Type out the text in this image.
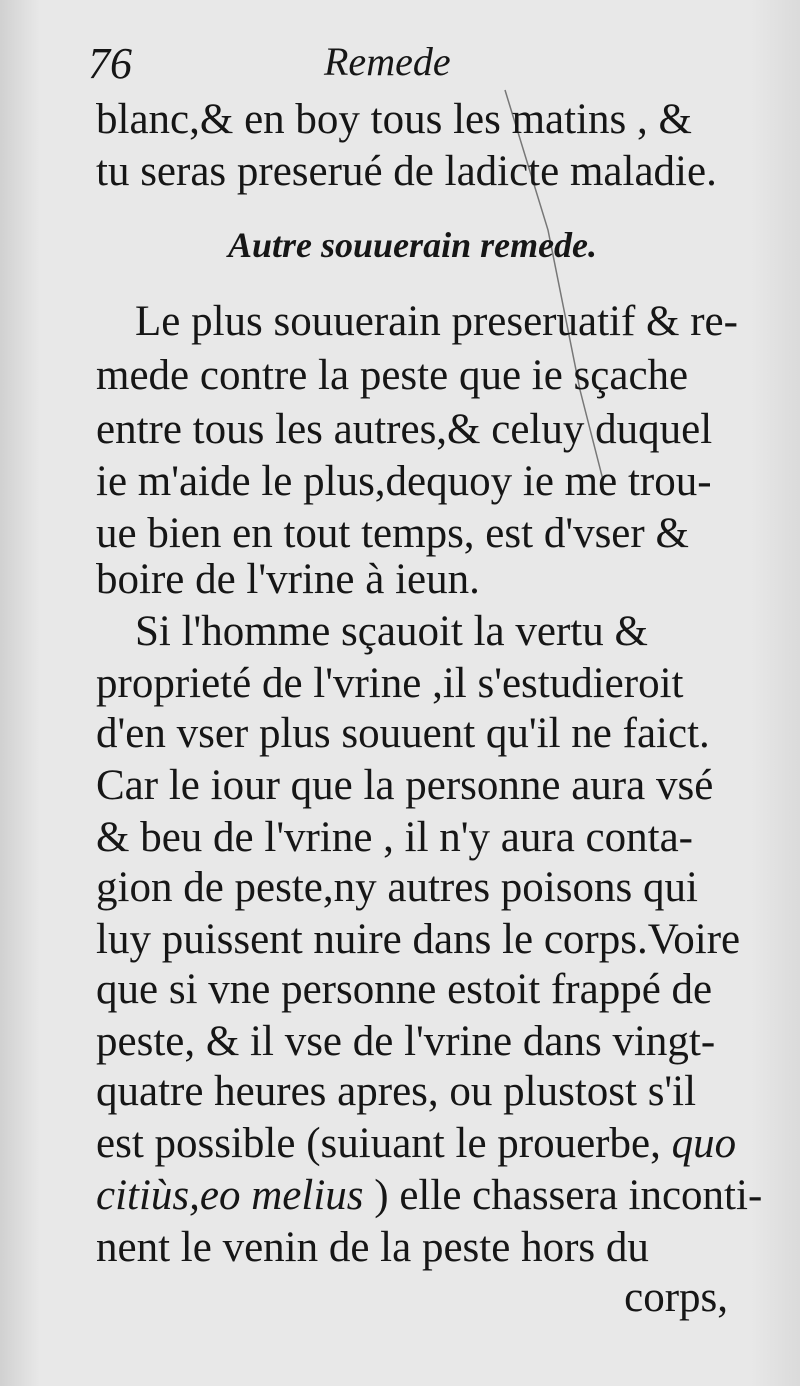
76	Remede
blanc,& en boy tous les matins , &
tu seras preserué de ladicte maladie.
Autre souuerain remede.
Le plus souuerain preseruatif & re-
mede contre la peste que ie sçache
entre tous les autres,& celuy duquel
ie m'aide le plus,dequoy ie me trou-
ue bien en tout temps, est d'vser &
boire de l'vrine à ieun.
Si l'homme sçauoit la vertu &
proprieté de l'vrine ,il s'estudieroit
d'en vser plus souuent qu'il ne faict.
Car le iour que la personne aura vsé
& beu de l'vrine , il n'y aura conta-
gion de peste,ny autres poisons qui
luy puissent nuire dans le corps.Voire
que si vne personne estoit frappé de
peste, & il vse de l'vrine dans vingt-
quatre heures apres, ou plustost s'il
est possible (suiuant le prouerbe, quo
citiùs,eo melius ) elle chassera inconti-
nent le venin de la peste hors du
corps,
